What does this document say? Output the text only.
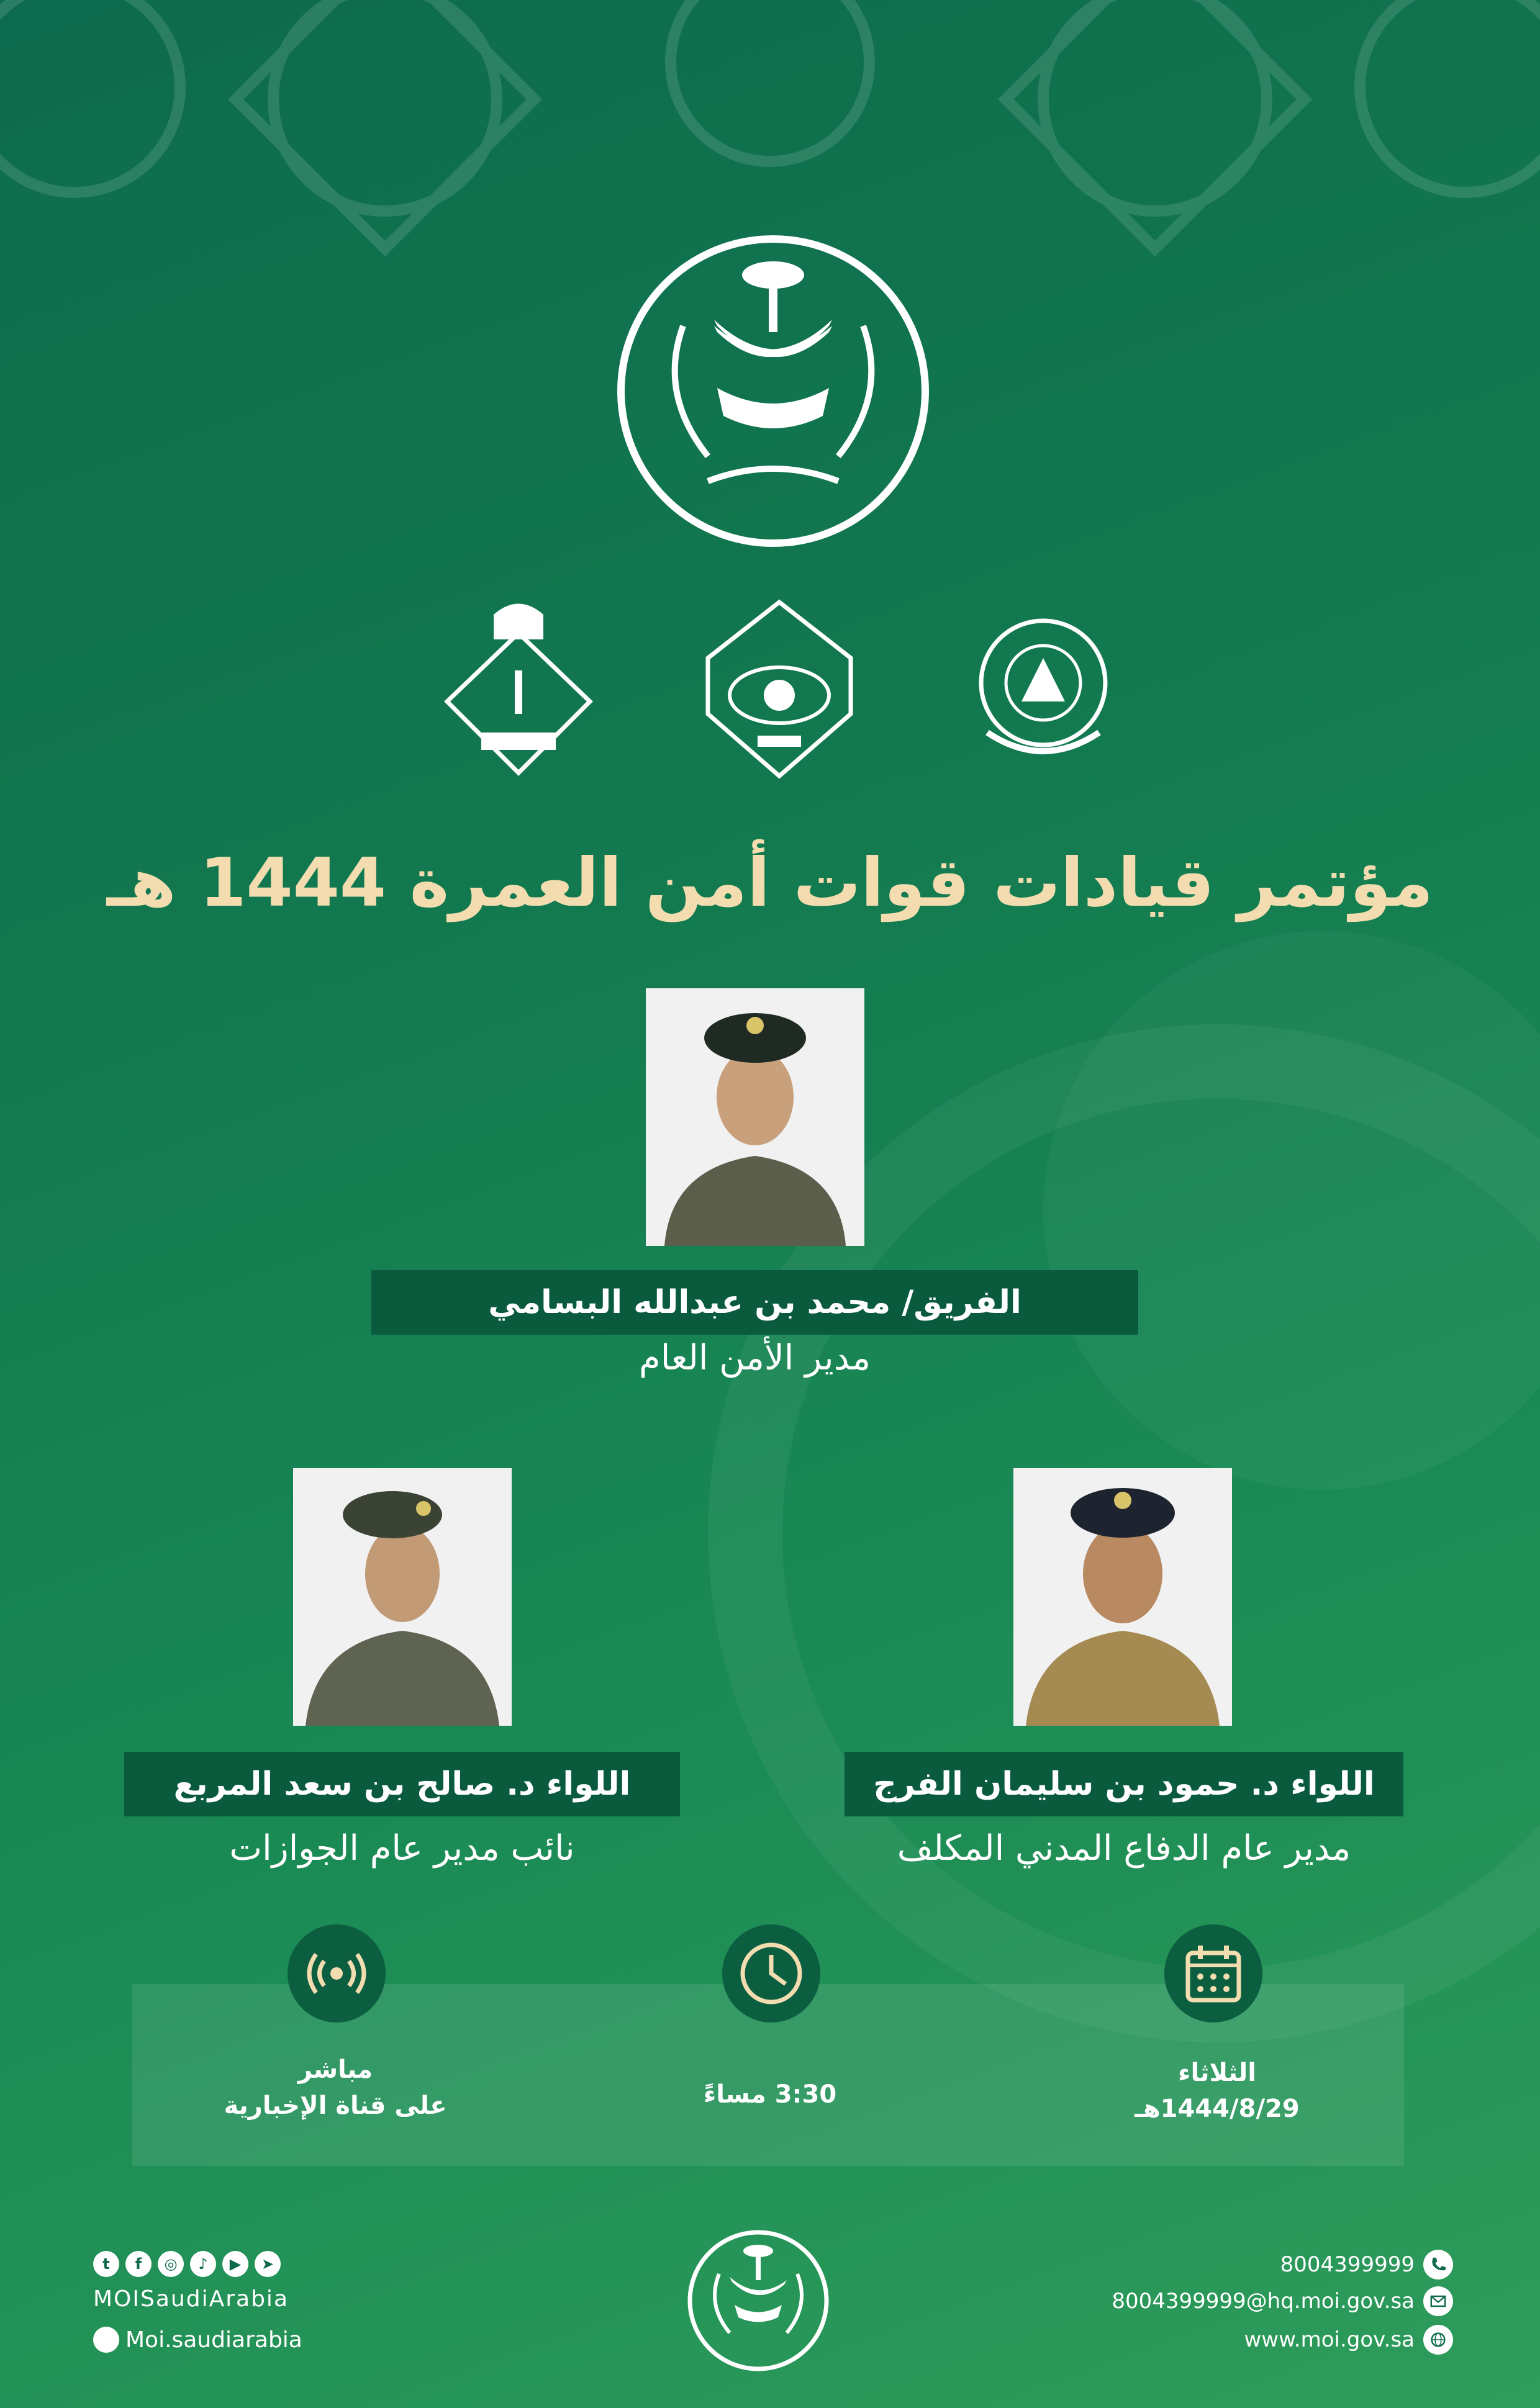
مؤتمر قيادات قوات أمن العمرة 1444 هـ
الفريق/ محمد بن عبدالله البسامي
مدير الأمن العام
اللواء د. حمود بن سليمان الفرج
مدير عام الدفاع المدني المكلف
اللواء د. صالح بن سعد المربع
نائب مدير عام الجوازات
مباشر
على قناة الإخبارية	3:30 مساءً
الثلاثاء
1444/8/29هـ
t	f	◎	♪	▶	➤
MOISaudiArabia
Moi.saudiarabia
8004399999
8004399999@hq.moi.gov.sa
www.moi.gov.sa
